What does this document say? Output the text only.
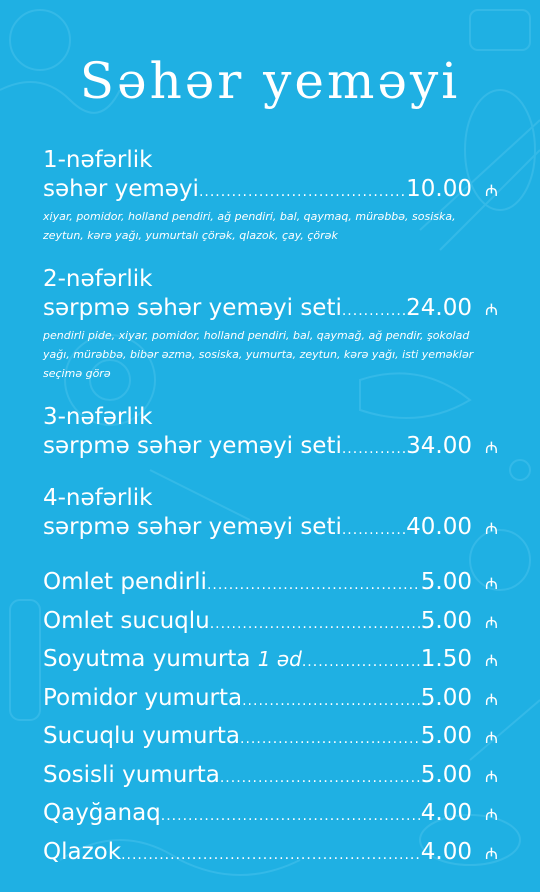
Səhər yeməyi
1-nəfərlik
səhər yeməyi .....	10.00 ₼
xiyar, pomidor, holland pendiri, ağ pendiri, bal, qaymaq, mürəbbə, sosiska, zeytun, kərə yağı, yumurtalı çörək, qlazok, çay, çörək
2-nəfərlik
sərpmə səhər yeməyi seti .....	24.00 ₼
pendirli pide, xiyar, pomidor, holland pendiri, bal, qaymağ, ağ pendir, şokolad yağı, mürəbbə, bibər əzmə, sosiska, yumurta, zeytun, kərə yağı, isti yeməklər seçimə görə
3-nəfərlik
sərpmə səhər yeməyi seti .....	34.00 ₼
4-nəfərlik
sərpmə səhər yeməyi seti .....	40.00 ₼
Omlet pendirli .....	5.00 ₼
Omlet sucuqlu .....	5.00 ₼
Soyutma yumurta 1 əd .....	1.50 ₼
Pomidor yumurta .....	5.00 ₼
Sucuqlu yumurta .....	5.00 ₼
Sosisli yumurta .....	5.00 ₼
Qayğanaq .....	4.00 ₼
Qlazok .....	4.00 ₼
